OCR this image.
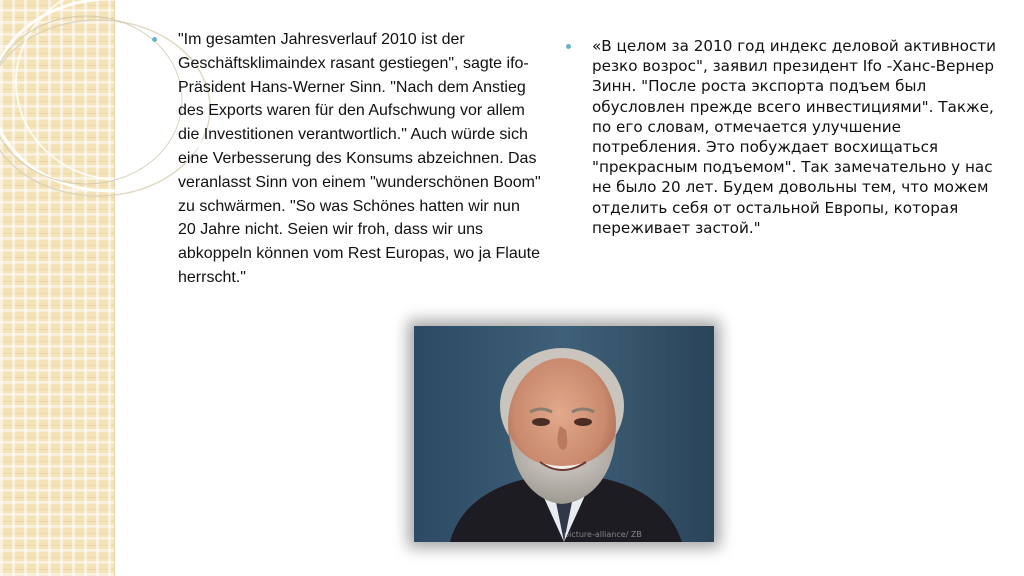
"Im gesamten Jahresverlauf 2010 ist der Geschäftsklimaindex rasant gestiegen", sagte ifo-Präsident Hans-Werner Sinn. "Nach dem Anstieg des Exports waren für den Aufschwung vor allem die Investitionen verantwortlich." Auch würde sich eine Verbesserung des Konsums abzeichnen. Das veranlasst Sinn von einem "wunderschönen Boom" zu schwärmen. "So was Schönes hatten wir nun 20 Jahre nicht. Seien wir froh, dass wir uns abkoppeln können vom Rest Europas, wo ja Flaute herrscht."

«В целом за 2010 год индекс деловой активности резко возрос", заявил президент Ifo -Ханс-Вернер Зинн. "После роста экспорта подъем был обусловлен прежде всего инвестициями". Также, по его словам, отмечается улучшение потребления. Это побуждает восхищаться "прекрасным подъемом". Так замечательно у нас не было 20 лет. Будем довольны тем, что можем отделить себя от остальной Европы, которая переживает застой."

picture-alliance/ ZB
